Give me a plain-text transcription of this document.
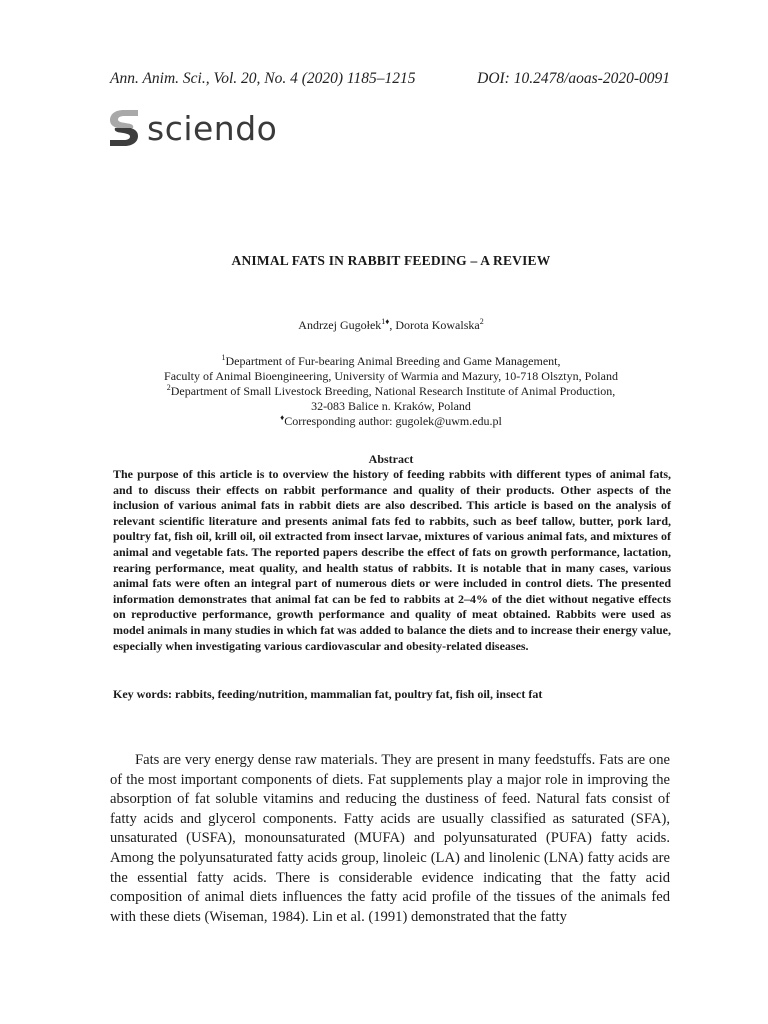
Ann. Anim. Sci., Vol. 20, No. 4 (2020) 1185–1215	DOI: 10.2478/aoas-2020-0091
sciendo
ANIMAL FATS IN RABBIT FEEDING – A REVIEW
Andrzej Gugołek$^{1♦}$, Dorota Kowalska$^2$
$^1$Department of Fur-bearing Animal Breeding and Game Management,
Faculty of Animal Bioengineering, University of Warmia and Mazury, 10-718 Olsztyn, Poland
$^2$Department of Small Livestock Breeding, National Research Institute of Animal Production,
32-083 Balice n. Kraków, Poland
♦Corresponding author: gugolek@uwm.edu.pl
Abstract
The purpose of this article is to overview the history of feeding rabbits with different types of animal fats, and to discuss their effects on rabbit performance and quality of their products. Other aspects of the inclusion of various animal fats in rabbit diets are also described. This article is based on the analysis of relevant scientific literature and presents animal fats fed to rabbits, such as beef tallow, butter, pork lard, poultry fat, fish oil, krill oil, oil extracted from insect larvae, mixtures of various animal fats, and mixtures of animal and vegetable fats. The reported papers describe the effect of fats on growth performance, lactation, rearing performance, meat quality, and health status of rabbits. It is notable that in many cases, various animal fats were often an integral part of numerous diets or were included in control diets. The presented information demonstrates that animal fat can be fed to rabbits at 2–4% of the diet without negative effects on reproductive performance, growth performance and quality of meat obtained. Rabbits were used as model animals in many studies in which fat was added to balance the diets and to increase their energy value, especially when investigating various cardiovascular and obesity-related diseases.
Key words: rabbits, feeding/nutrition, mammalian fat, poultry fat, fish oil, insect fat
Fats are very energy dense raw materials. They are present in many feedstuffs. Fats are one of the most important components of diets. Fat supplements play a major role in improving the absorption of fat soluble vitamins and reducing the dustiness of feed. Natural fats consist of fatty acids and glycerol components. Fatty acids are usually classified as saturated (SFA), unsaturated (USFA), monounsaturated (MUFA) and polyunsaturated (PUFA) fatty acids. Among the polyunsaturated fatty acids group, linoleic (LA) and linolenic (LNA) fatty acids are the essential fatty acids. There is considerable evidence indicating that the fatty acid composition of animal diets influences the fatty acid profile of the tissues of the animals fed with these diets (Wiseman, 1984). Lin et al. (1991) demonstrated that the fatty
